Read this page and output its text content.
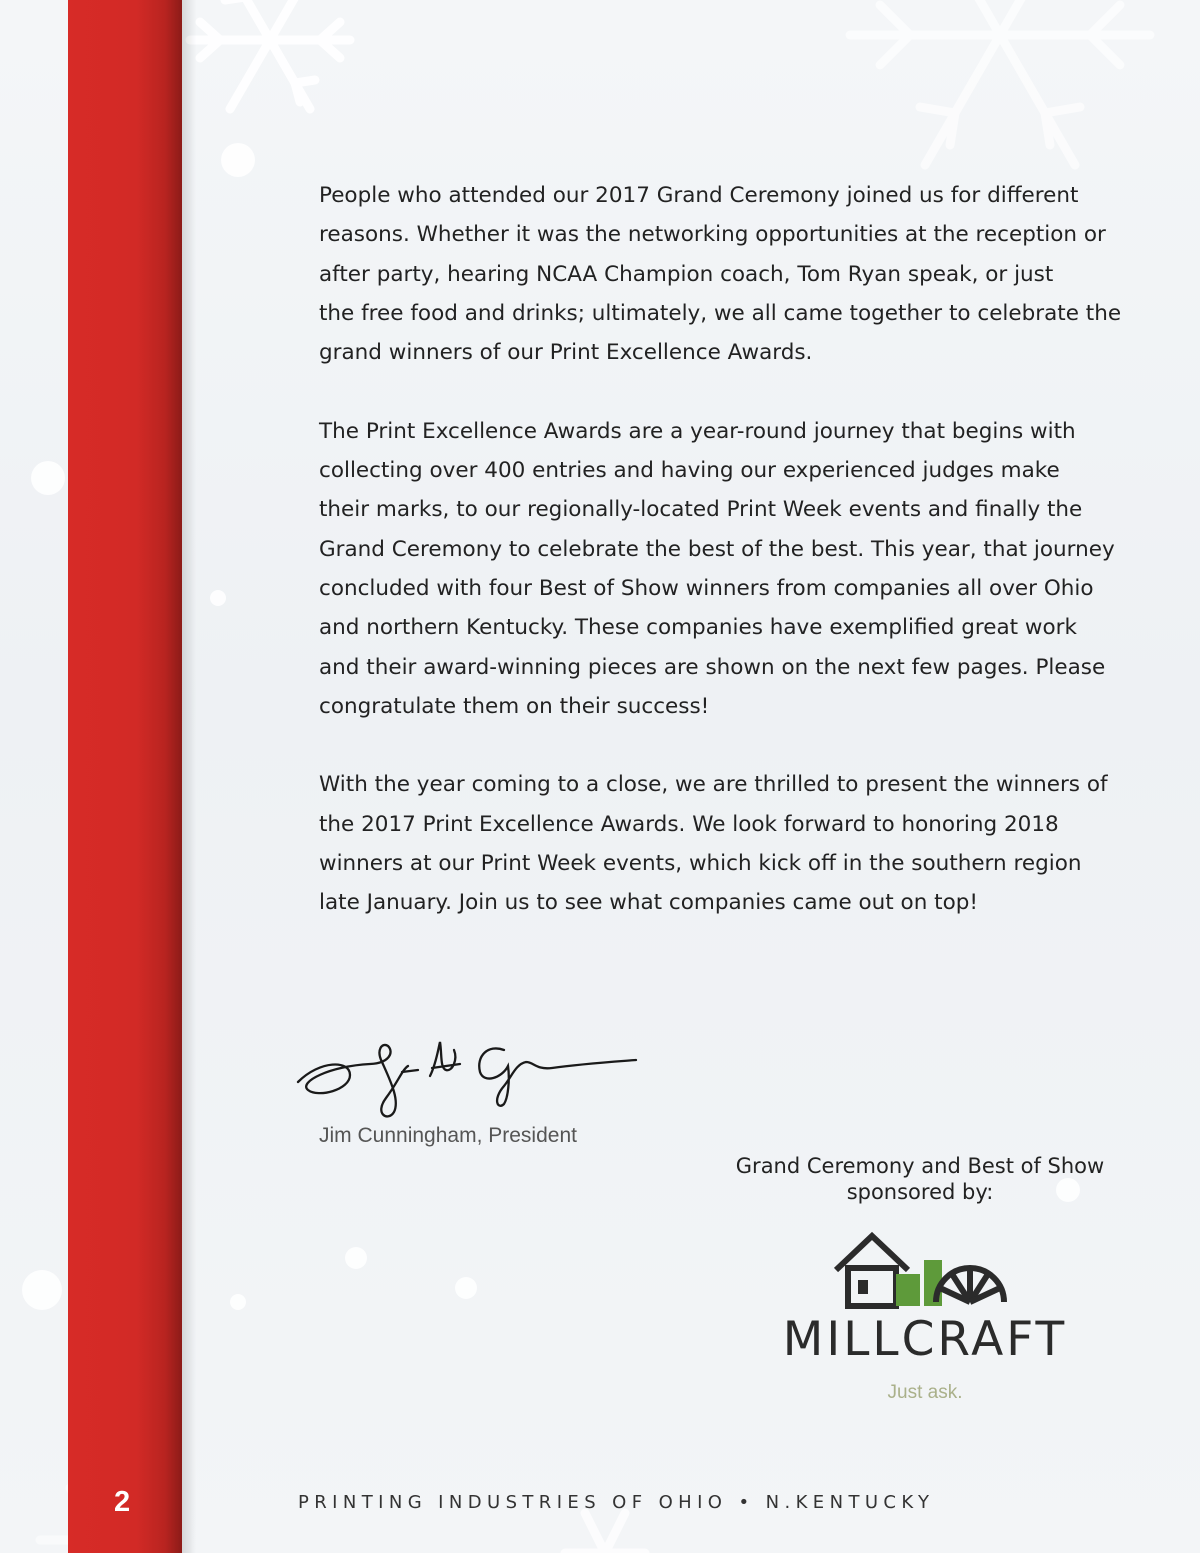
People who attended our 2017 Grand Ceremony joined us for different
reasons. Whether it was the networking opportunities at the reception or
after party, hearing NCAA Champion coach, Tom Ryan speak, or just
the free food and drinks; ultimately, we all came together to celebrate the
grand winners of our Print Excellence Awards.

The Print Excellence Awards are a year-round journey that begins with
collecting over 400 entries and having our experienced judges make
their marks, to our regionally-located Print Week events and finally the
Grand Ceremony to celebrate the best of the best. This year, that journey
concluded with four Best of Show winners from companies all over Ohio
and northern Kentucky. These companies have exemplified great work
and their award-winning pieces are shown on the next few pages. Please
congratulate them on their success!

With the year coming to a close, we are thrilled to present the winners of
the 2017 Print Excellence Awards. We look forward to honoring 2018
winners at our Print Week events, which kick off in the southern region
late January. Join us to see what companies came out on top!

Jim Cunningham, President
Grand Ceremony and Best of Show
sponsored by:
MILLCRAFT
Just ask.
2	PRINTING INDUSTRIES OF OHIO • N.KENTUCKY
